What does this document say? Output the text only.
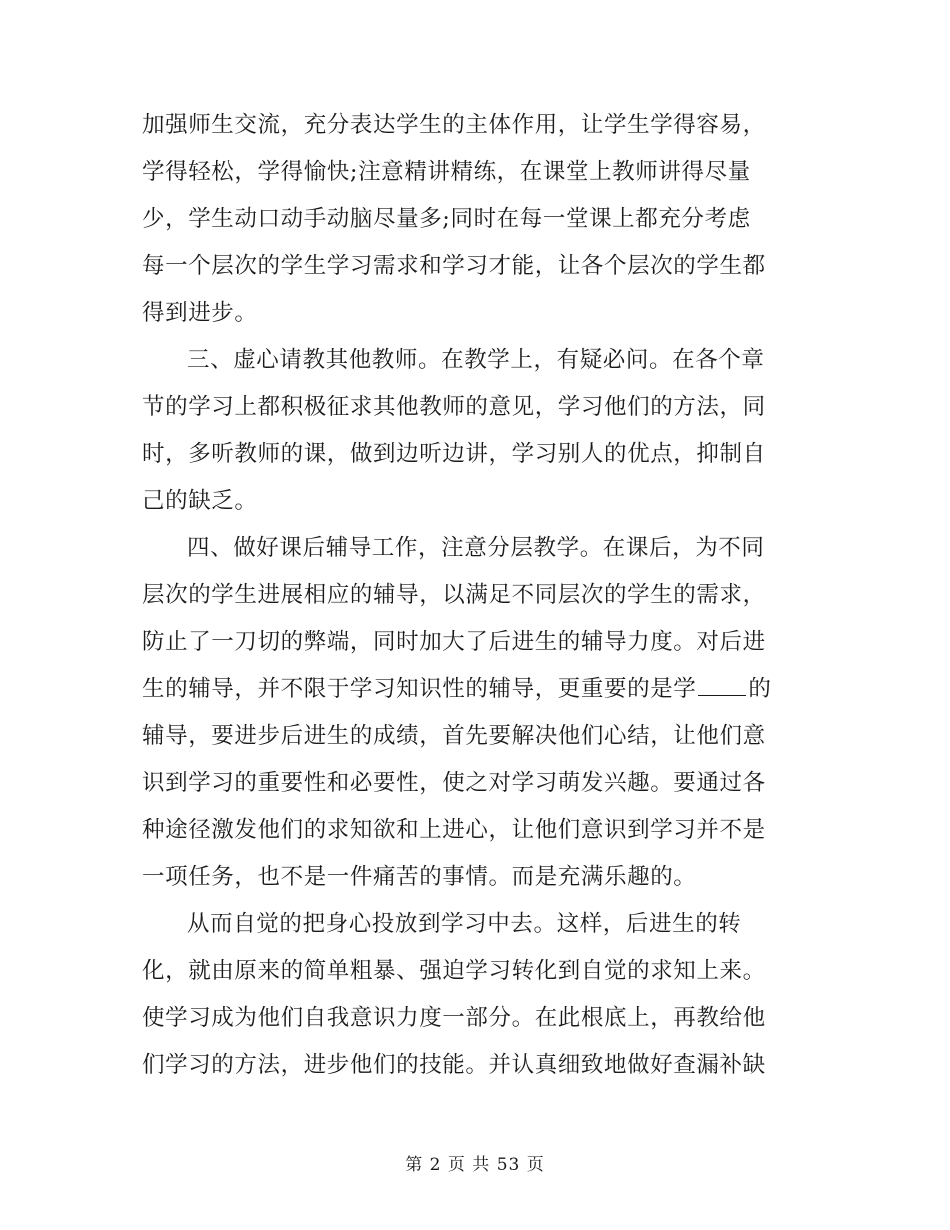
加强师生交流，充分表达学生的主体作用，让学生学得容易，
学得轻松，学得愉快;注意精讲精练，在课堂上教师讲得尽量
少，学生动口动手动脑尽量多;同时在每一堂课上都充分考虑
每一个层次的学生学习需求和学习才能，让各个层次的学生都
得到进步。
三、虚心请教其他教师。在教学上，有疑必问。在各个章
节的学习上都积极征求其他教师的意见，学习他们的方法，同
时，多听教师的课，做到边听边讲，学习别人的优点，抑制自
己的缺乏。
四、做好课后辅导工作，注意分层教学。在课后，为不同
层次的学生进展相应的辅导，以满足不同层次的学生的需求，
防止了一刀切的弊端，同时加大了后进生的辅导力度。对后进
生的辅导，并不限于学习知识性的辅导，更重要的是学 的
辅导，要进步后进生的成绩，首先要解决他们心结，让他们意
识到学习的重要性和必要性，使之对学习萌发兴趣。要通过各
种途径激发他们的求知欲和上进心，让他们意识到学习并不是
一项任务，也不是一件痛苦的事情。而是充满乐趣的。
从而自觉的把身心投放到学习中去。这样，后进生的转
化，就由原来的简单粗暴、强迫学习转化到自觉的求知上来。
使学习成为他们自我意识力度一部分。在此根底上，再教给他
们学习的方法，进步他们的技能。并认真细致地做好查漏补缺
第 2 页 共 53 页
